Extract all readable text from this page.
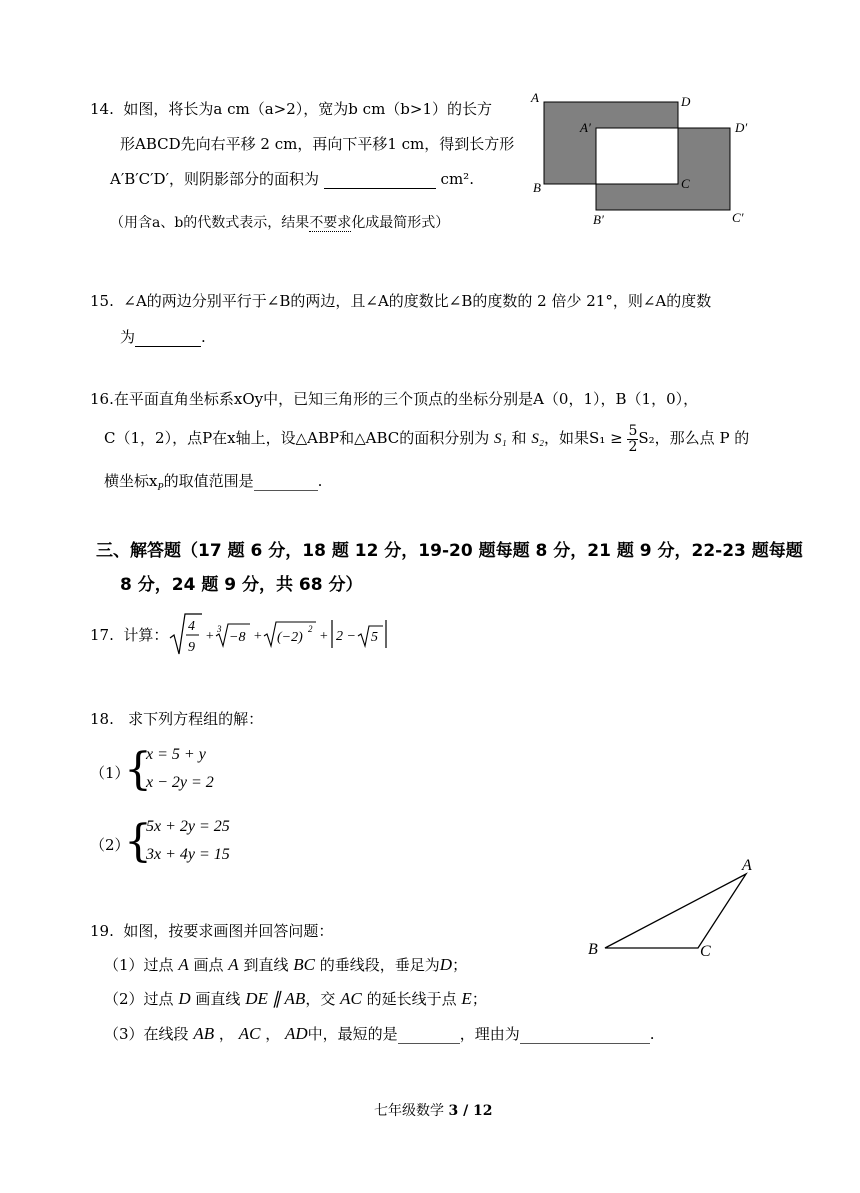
14. 如图，将长为a cm（a>2），宽为b cm（b>1）的长方
形ABCD先向右平移 2 cm，再向下平移1 cm，得到长方形
A′B′C′D′，则阴影部分的面积为	cm².
（用含a、b的代数式表示，结果不要求化成最简形式）
A	D
A′	D′
B	C
B′	C′
15. ∠A的两边分别平行于∠B的两边，且∠A的度数比∠B的度数的 2 倍少 21°，则∠A的度数
为	.
16.在平面直角坐标系xOy中，已知三角形的三个顶点的坐标分别是A（0，1），B（1，0），
C（1，2），点P在x轴上，设△ABP和△ABC的面积分别为 S₁ 和 S₂，如果$S_1 \ge \frac{5}{2} S_2$，那么点 P 的
横坐标$x_P$的取值范围是	.
三、解答题（17 题 6 分，18 题 12 分，19-20 题每题 8 分，21 题 9 分，22-23 题每题
8 分，24 题 9 分，共 68 分）
17. 计算： 4
9
+ 3
−8 + (−2)
2 + 2 − 5
18. 求下列方程组的解：
（1）
{
x = 5 + y
x − 2y = 2
（2）
{
5x + 2y = 25
3x + 4y = 15
A
B	C
19. 如图，按要求画图并回答问题：
（1）过点 A 画点 A 到直线 BC 的垂线段，垂足为D；
（2）过点 D 画直线 DE ∥ AB，交 AC 的延长线于点 E；
（3）在线段 AB ， AC ， AD中，最短的是	，理由为	.
七年级数学 3 / 12
